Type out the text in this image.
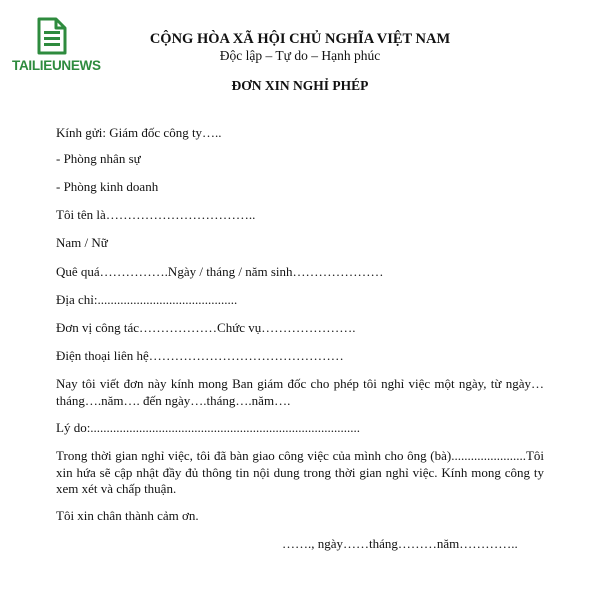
TAILIEUNEWS
CỘNG HÒA XÃ HỘI CHỦ NGHĨA VIỆT NAM
Độc lập – Tự do – Hạnh phúc
ĐƠN XIN NGHỈ PHÉP
Kính gửi: Giám đốc công ty…..
- Phòng nhân sự
- Phòng kinh doanh
Tôi tên là……………………………..
Nam / Nữ
Quê quá…………….Ngày / tháng / năm sinh…………………
Địa chỉ:...........................................
Đơn vị công tác………………Chức vụ………………….
Điện thoại liên hệ………………………………………
Nay tôi viết đơn này kính mong Ban giám đốc cho phép tôi nghỉ việc một ngày, từ ngày…tháng….năm…. đến ngày….tháng….năm….
Lý do:...................................................................................
Trong thời gian nghỉ việc, tôi đã bàn giao công việc của mình cho ông (bà).......................Tôi xin hứa sẽ cập nhật đầy đủ thông tin nội dung trong thời gian nghỉ việc. Kính mong công ty xem xét và chấp thuận.
Tôi xin chân thành cảm ơn.
……., ngày……tháng………năm…………..
